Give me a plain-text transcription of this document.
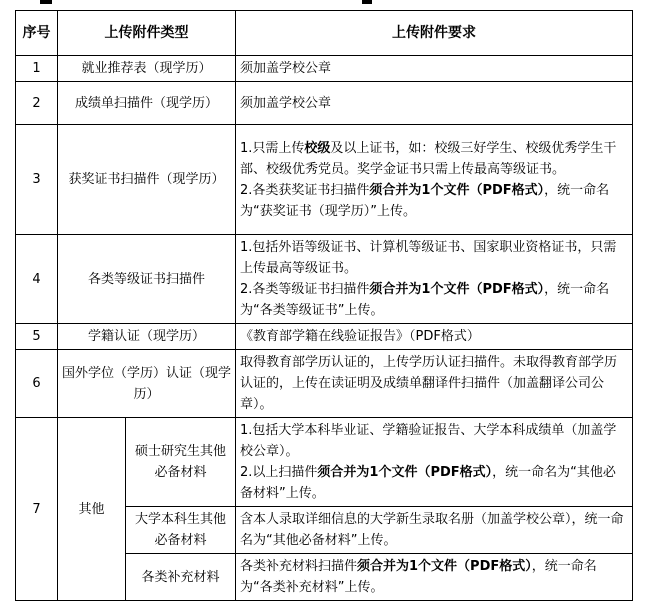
序号	上传附件类型		上传附件要求
1	就业推荐表（现学历）		须加盖学校公章
2	成绩单扫描件（现学历）		须加盖学校公章
3	获奖证书扫描件（现学历）		1.只需上传校级及以上证书，如：校级三好学生、校级优秀学生干部、校级优秀党员。奖学金证书只需上传最高等级证书。
2.各类获奖证书扫描件须合并为1个文件（PDF格式），统一命名为“获奖证书（现学历）”上传。

4	各类等级证书扫描件		1.包括外语等级证书、计算机等级证书、国家职业资格证书，只需上传最高等级证书。
2.各类等级证书扫描件须合并为1个文件（PDF格式），统一命名为“各类等级证书”上传。

5	学籍认证（现学历）		《教育部学籍在线验证报告》（PDF格式）
6	国外学位（学历）认证（现学历）		取得教育部学历认证的，上传学历认证扫描件。未取得教育部学历认证的，上传在读证明及成绩单翻译件扫描件（加盖翻译公司公章）。
7	其他	硕士研究生其他必备材料	1.包括大学本科毕业证、学籍验证报告、大学本科成绩单（加盖学校公章）。
2.以上扫描件须合并为1个文件（PDF格式），统一命名为“其他必备材料”上传。

		大学本科生其他必备材料	含本人录取详细信息的大学新生录取名册（加盖学校公章），统一命名为“其他必备材料”上传。
		各类补充材料	各类补充材料扫描件须合并为1个文件（PDF格式），统一命名为“各类补充材料”上传。
